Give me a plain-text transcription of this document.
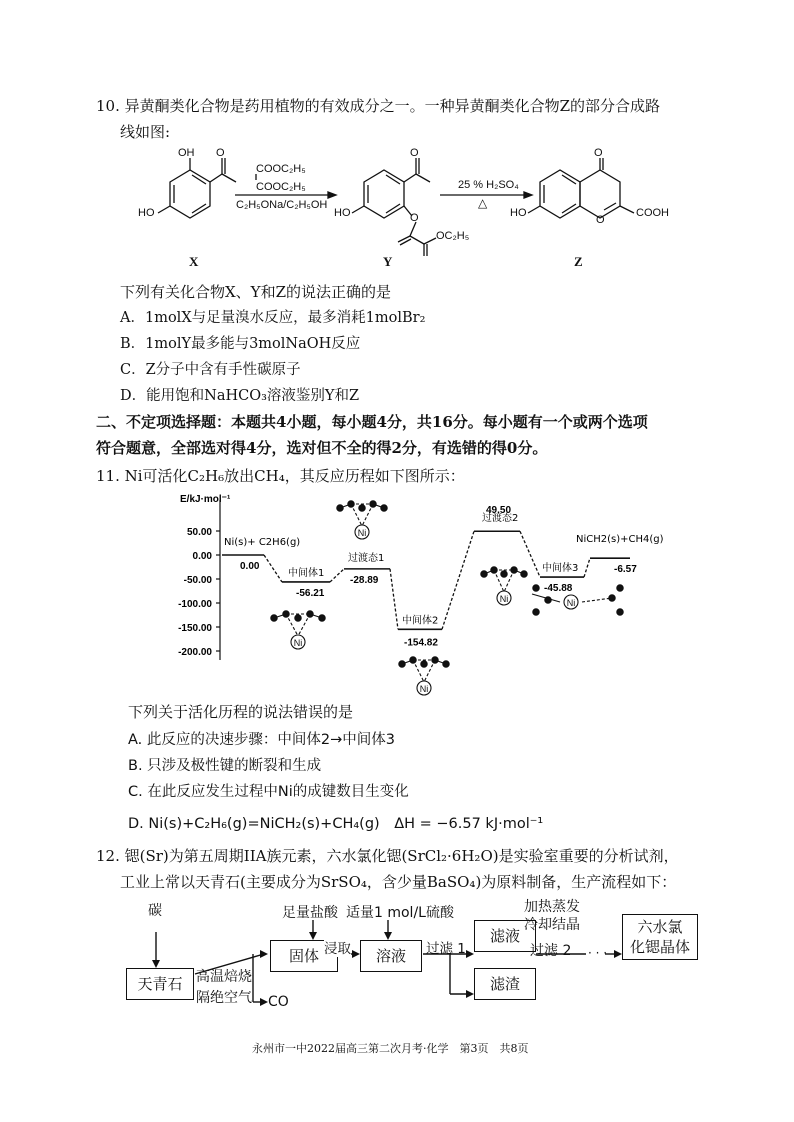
10. 异黄酮类化合物是药用植物的有效成分之一。一种异黄酮类化合物Z的部分合成路
线如图:
OH
HO
O
COOC₂H₅
COOC₂H₅
C₂H₅ONa/C₂H₅OH
O
HO	O
OC₂H₅
25 % H₂SO₄
△
O
HO
O
COOH
X	Y	Z
下列有关化合物X、Y和Z的说法正确的是
A．1molX与足量溴水反应，最多消耗1molBr₂
B．1molY最多能与3molNaOH反应
C．Z分子中含有手性碳原子
D．能用饱和NaHCO₃溶液鉴别Y和Z
二、不定项选择题：本题共4小题，每小题4分，共16分。每小题有一个或两个选项
符合题意，全部选对得4分，选对但不全的得2分，有选错的得0分。
11. Ni可活化C₂H₆放出CH₄，其反应历程如下图所示：
E/kJ·mol⁻¹
50.00
0.00
-50.00
-100.00
-150.00
-200.00
Ni(s)+ C2H6(g)
0.00
中间体1
-56.21
过渡态1
-28.89
中间体2
-154.82
过渡态2
49.50
中间体3
-45.88
NiCH2(s)+CH4(g)
-6.57
Ni
Ni
Ni
Ni	Ni
下列关于活化历程的说法错误的是
A. 此反应的决速步骤：中间体2→中间体3
B. 只涉及极性键的断裂和生成
C. 在此反应发生过程中Ni的成键数目生变化
D. Ni(s)+C₂H₆(g)=NiCH₂(s)+CH₄(g)　ΔH = −6.57 kJ·mol⁻¹
12. 锶(Sr)为第五周期IIA族元素，六水氯化锶(SrCl₂·6H₂O)是实验室重要的分析试剂，
工业上常以天青石(主要成分为SrSO₄，含少量BaSO₄)为原料制备，生产流程如下：
碳
天青石 高温焙烧
隔绝空气 CO
足量盐酸
固体 浸取
适量1 mol/L硫酸
溶液 过滤 1
滤液
滤渣
加热蒸发
冷却结晶
过滤 2 · · ·
六水氯
化锶晶体
永州市一中2022届高三第二次月考·化学　第3页　共8页
